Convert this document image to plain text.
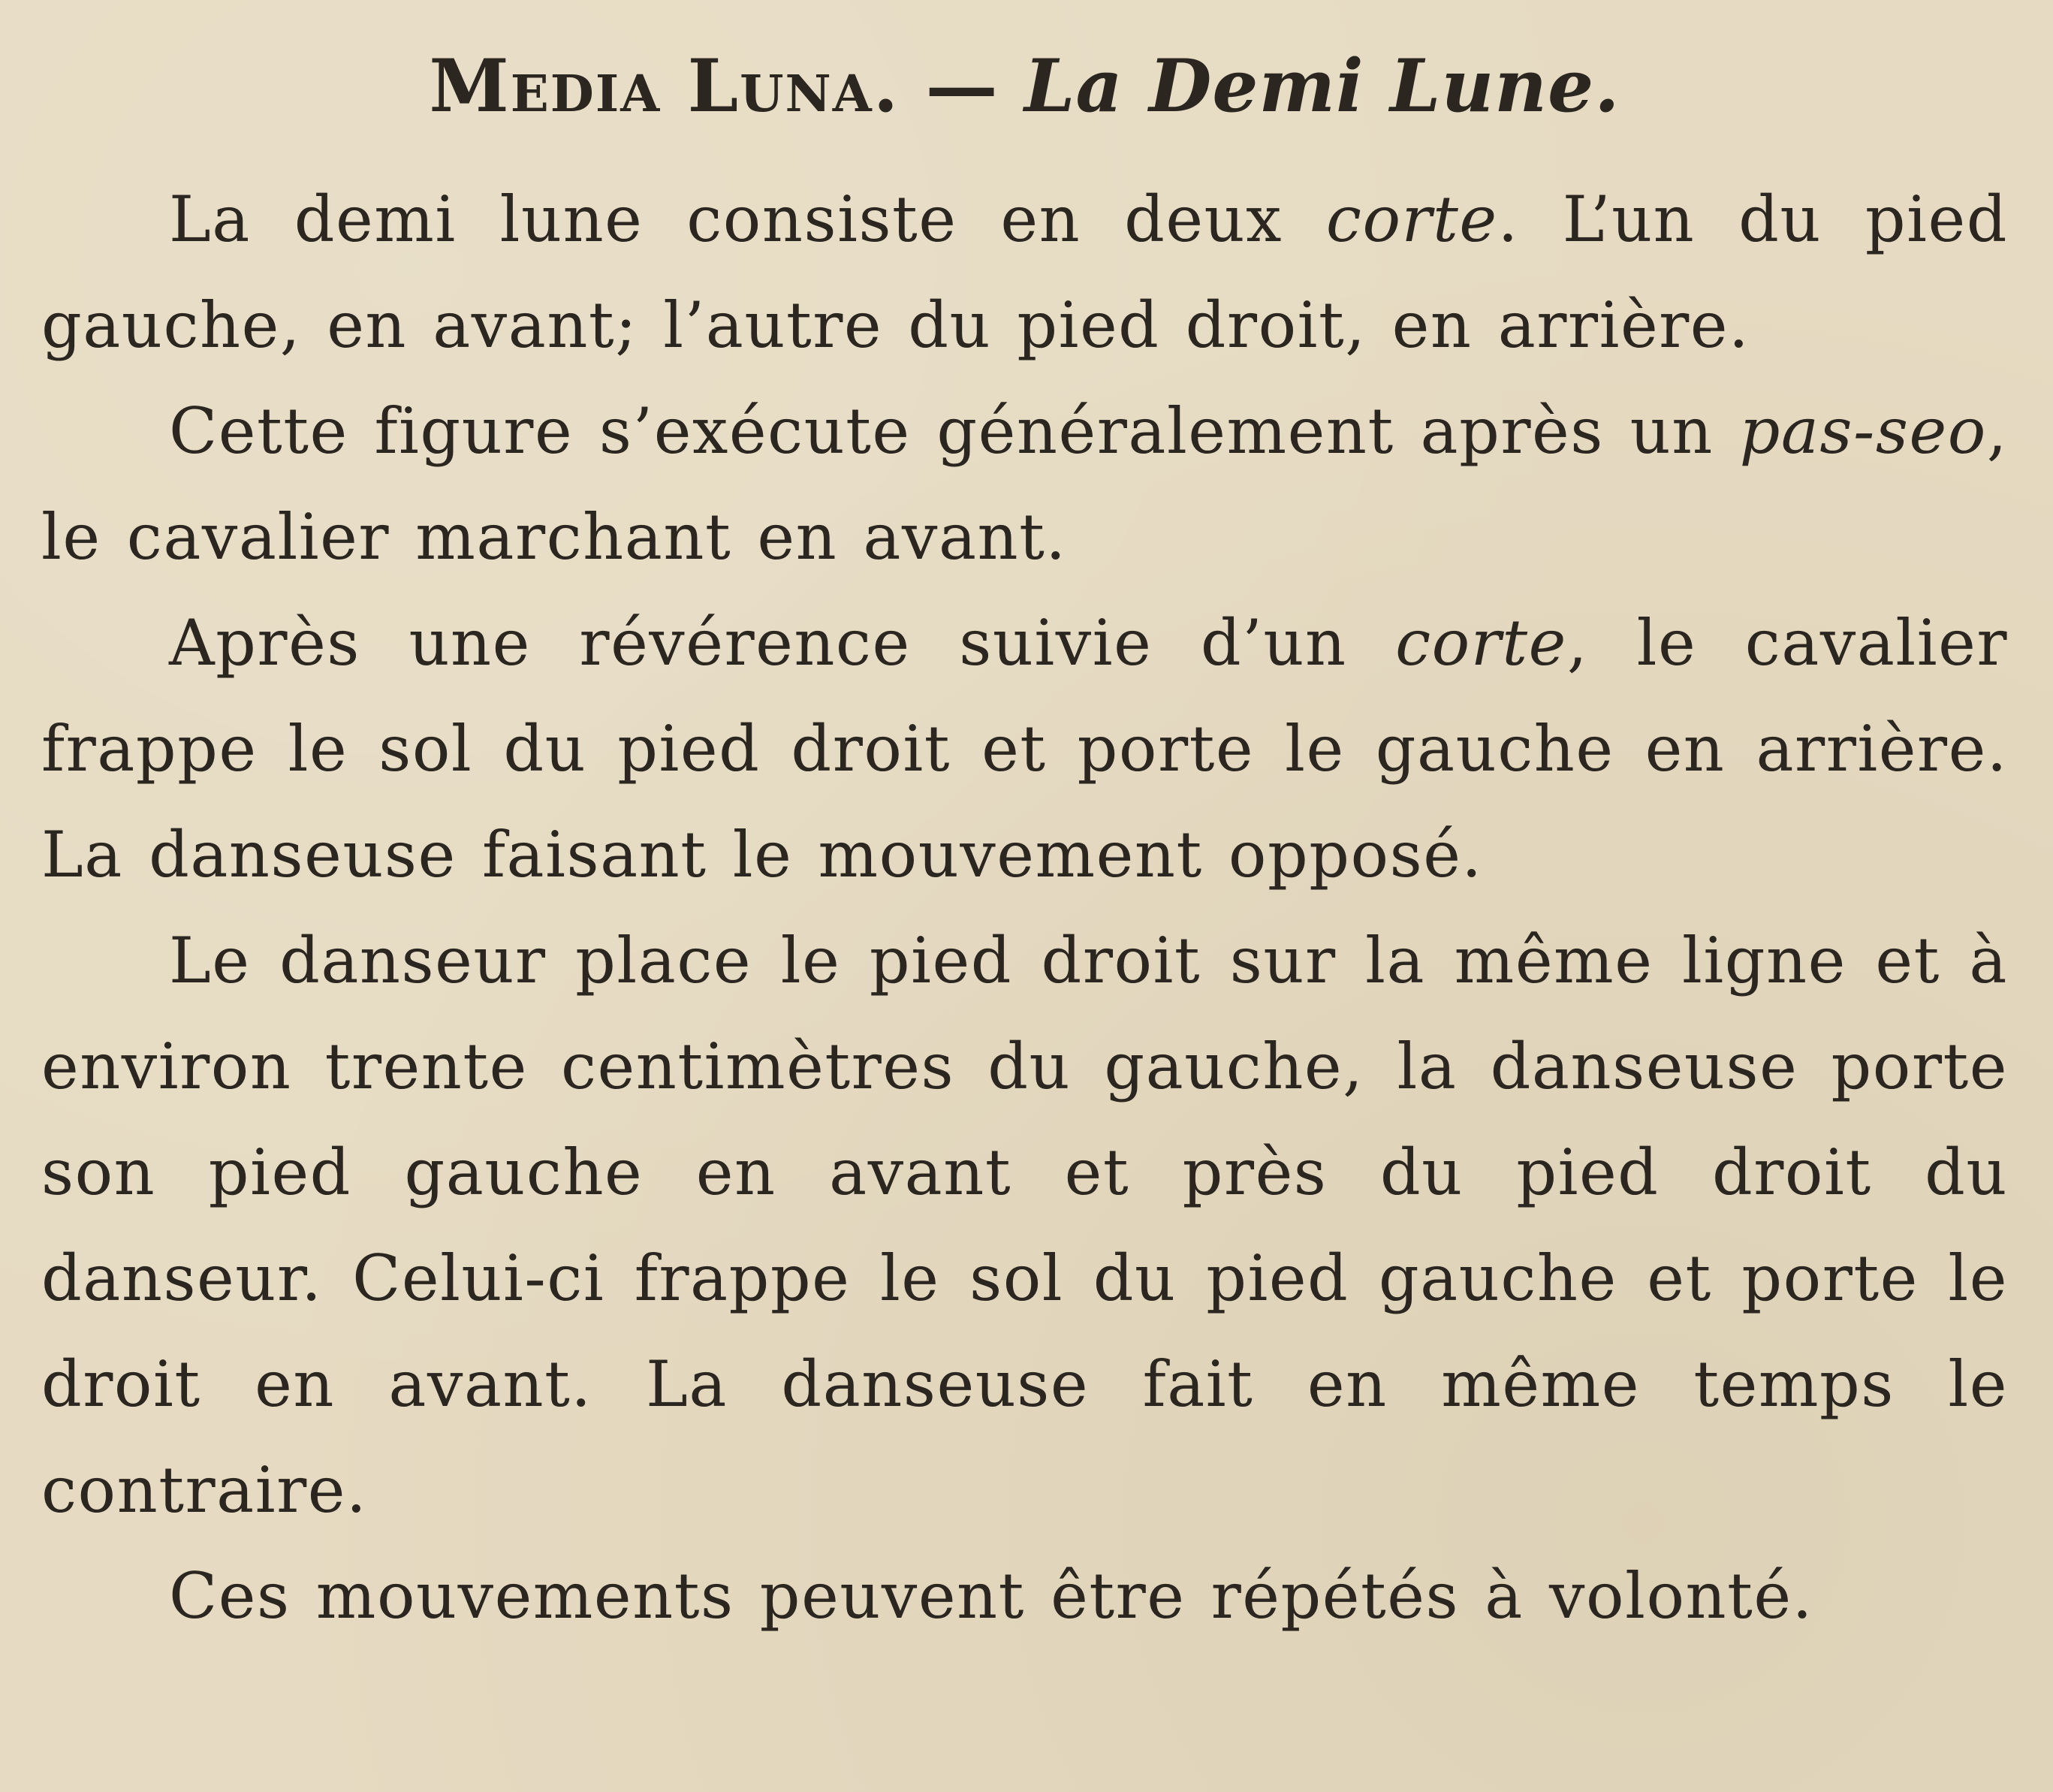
Media Luna. — La Demi Lune.

La demi lune consiste en deux corte. L’un du pied gauche, en avant; l’autre du pied droit, en arrière.

Cette figure s’exécute généralement après un pas-seo, le cavalier marchant en avant.

Après une révérence suivie d’un corte, le cavalier frappe le sol du pied droit et porte le gauche en arrière. La danseuse faisant le mouvement opposé.

Le danseur place le pied droit sur la même ligne et à environ trente centimètres du gauche, la danseuse porte son pied gauche en avant et près du pied droit du danseur. Celui-ci frappe le sol du pied gauche et porte le droit en avant. La danseuse fait en même temps le contraire.

Ces mouvements peuvent être répétés à volonté.
